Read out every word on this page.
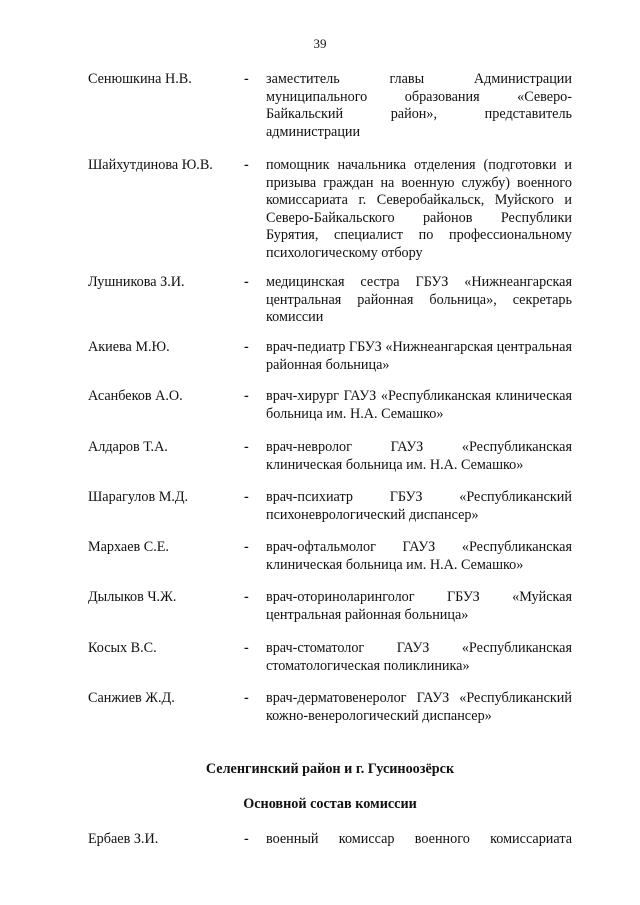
39
Сенюшкина Н.В.	- заместитель главы Администрации муниципального образования «Северо-Байкальский район», представитель администрации
Шайхутдинова Ю.В. - помощник начальника отделения (подготовки и призыва граждан на военную службу) военного комиссариата г. Северобайкальск, Муйского и Северо-Байкальского районов Республики Бурятия, специалист по профессиональному психологическому отбору
Лушникова З.И.	- медицинская сестра ГБУЗ «Нижнеангарская центральная районная больница», секретарь комиссии
Акиева М.Ю.	- врач-педиатр ГБУЗ «Нижнеангарская центральная районная больница»
Асанбеков А.О.	- врач-хирург ГАУЗ «Республиканская клиническая больница им. Н.А. Семашко»
Алдаров Т.А.	- врач-невролог ГАУЗ «Республиканская клиническая больница им. Н.А. Семашко»
Шарагулов М.Д.	- врач-психиатр ГБУЗ «Республиканский психоневрологический диспансер»
Мархаев С.Е.	- врач-офтальмолог ГАУЗ «Республиканская клиническая больница им. Н.А. Семашко»
Дылыков Ч.Ж.	- врач-оториноларинголог ГБУЗ «Муйская центральная районная больница»
Косых В.С.	- врач-стоматолог ГАУЗ «Республиканская стоматологическая поликлиника»
Санжиев Ж.Д.	- врач-дерматовенеролог ГАУЗ «Республиканский кожно-венерологический диспансер»
Селенгинский район и г. Гусиноозёрск
Основной состав комиссии
Ербаев З.И.	- военный комиссар военного комиссариата
